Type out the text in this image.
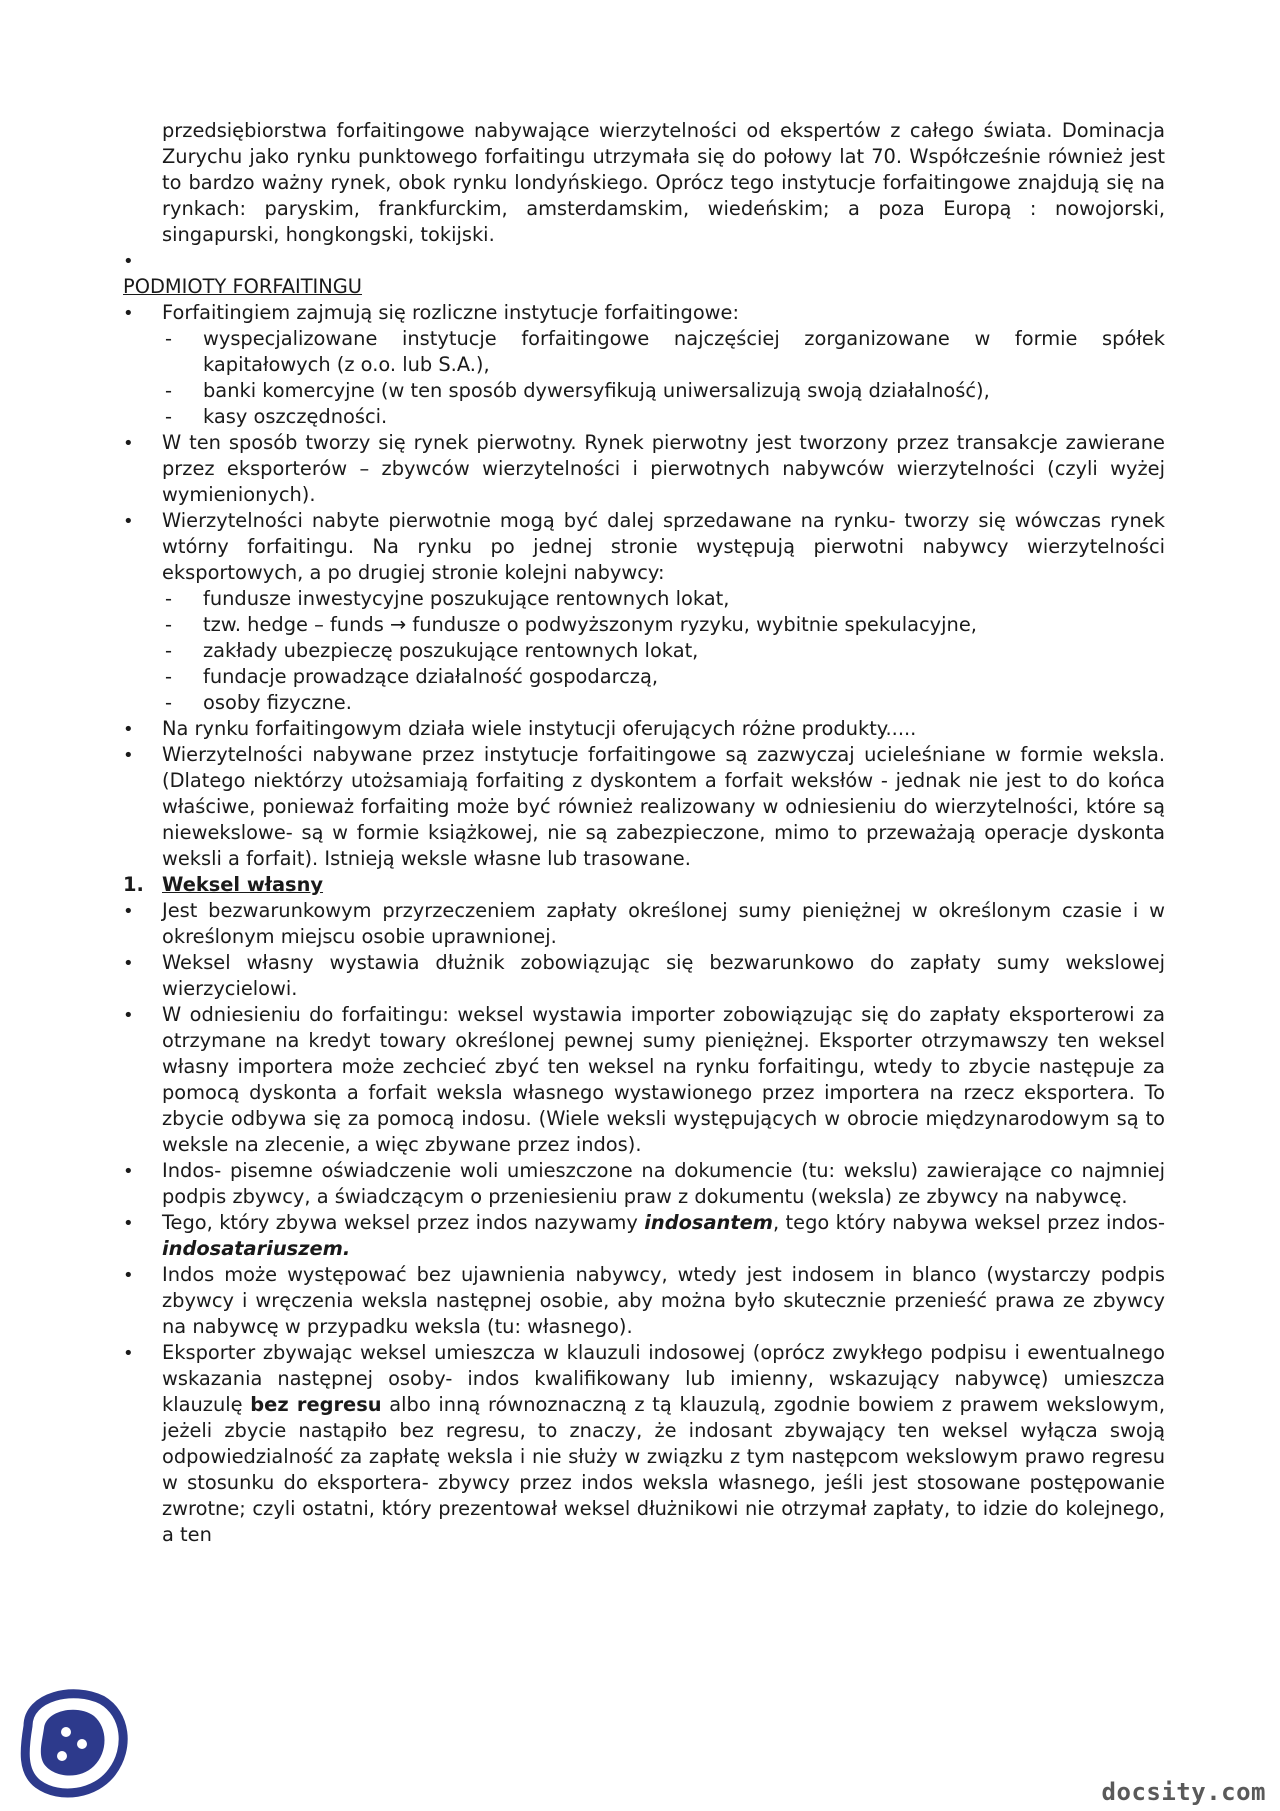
przedsiębiorstwa forfaitingowe nabywające wierzytelności od ekspertów z całego świata. Dominacja Zurychu jako rynku punktowego forfaitingu utrzymała się do połowy lat 70. Współcześnie również jest to bardzo ważny rynek, obok rynku londyńskiego. Oprócz tego instytucje forfaitingowe znajdują się na rynkach: paryskim, frankfurckim, amsterdamskim, wiedeńskim; a poza Europą : nowojorski, singapurski, hongkongski, tokijski.

•

PODMIOTY FORFAITINGU
•
Forfaitingiem zajmują się rozliczne instytucje forfaitingowe:
- wyspecjalizowane instytucje forfaitingowe najczęściej zorganizowane w formie spółek kapitałowych (z o.o. lub S.A.),
- banki komercyjne (w ten sposób dywersyfikują uniwersalizują swoją działalność),
- kasy oszczędności.
•
W ten sposób tworzy się rynek pierwotny. Rynek pierwotny jest tworzony przez transakcje zawierane przez eksporterów – zbywców wierzytelności i pierwotnych nabywców wierzytelności (czyli wyżej wymienionych).
•
Wierzytelności nabyte pierwotnie mogą być dalej sprzedawane na rynku- tworzy się wówczas rynek wtórny forfaitingu. Na rynku po jednej stronie występują pierwotni nabywcy wierzytelności eksportowych, a po drugiej stronie kolejni nabywcy:
- fundusze inwestycyjne poszukujące rentownych lokat,
- tzw. hedge – funds → fundusze o podwyższonym ryzyku, wybitnie spekulacyjne,
- zakłady ubezpieczę poszukujące rentownych lokat,
- fundacje prowadzące działalność gospodarczą,
- osoby fizyczne.
•
Na rynku forfaitingowym działa wiele instytucji oferujących różne produkty.....
•
Wierzytelności nabywane przez instytucje forfaitingowe są zazwyczaj ucieleśniane w formie weksla. (Dlatego niektórzy utożsamiają forfaiting z dyskontem a forfait weksłów - jednak nie jest to do końca właściwe, ponieważ forfaiting może być również realizowany w odniesieniu do wierzytelności, które są niewekslowe- są w formie książkowej, nie są zabezpieczone, mimo to przeważają operacje dyskonta weksli a forfait). Istnieją weksle własne lub trasowane.
1. Weksel własny
•
Jest bezwarunkowym przyrzeczeniem zapłaty określonej sumy pieniężnej w określonym czasie i w określonym miejscu osobie uprawnionej.
•
Weksel własny wystawia dłużnik zobowiązując się bezwarunkowo do zapłaty sumy wekslowej wierzycielowi.
•
W odniesieniu do forfaitingu: weksel wystawia importer zobowiązując się do zapłaty eksporterowi za otrzymane na kredyt towary określonej pewnej sumy pieniężnej. Eksporter otrzymawszy ten weksel własny importera może zechcieć zbyć ten weksel na rynku forfaitingu, wtedy to zbycie następuje za pomocą dyskonta a forfait weksla własnego wystawionego przez importera na rzecz eksportera. To zbycie odbywa się za pomocą indosu. (Wiele weksli występujących w obrocie międzynarodowym są to weksle na zlecenie, a więc zbywane przez indos).
•
Indos- pisemne oświadczenie woli umieszczone na dokumencie (tu: wekslu) zawierające co najmniej podpis zbywcy, a świadczącym o przeniesieniu praw z dokumentu (weksla) ze zbywcy na nabywcę.
•
Tego, który zbywa weksel przez indos nazywamy indosantem, tego który nabywa weksel przez indos- indosatariuszem.
•
Indos może występować bez ujawnienia nabywcy, wtedy jest indosem in blanco (wystarczy podpis zbywcy i wręczenia weksla następnej osobie, aby można było skutecznie przenieść prawa ze zbywcy na nabywcę w przypadku weksla (tu: własnego).
•
Eksporter zbywając weksel umieszcza w klauzuli indosowej (oprócz zwykłego podpisu i ewentualnego wskazania następnej osoby- indos kwalifikowany lub imienny, wskazujący nabywcę) umieszcza klauzulę bez regresu albo inną równoznaczną z tą klauzulą, zgodnie bowiem z prawem wekslowym, jeżeli zbycie nastąpiło bez regresu, to znaczy, że indosant zbywający ten weksel wyłącza swoją odpowiedzialność za zapłatę weksla i nie służy w związku z tym następcom wekslowym prawo regresu w stosunku do eksportera- zbywcy przez indos weksla własnego, jeśli jest stosowane postępowanie zwrotne; czyli ostatni, który prezentował weksel dłużnikowi nie otrzymał zapłaty, to idzie do kolejnego, a ten
docsity.com
